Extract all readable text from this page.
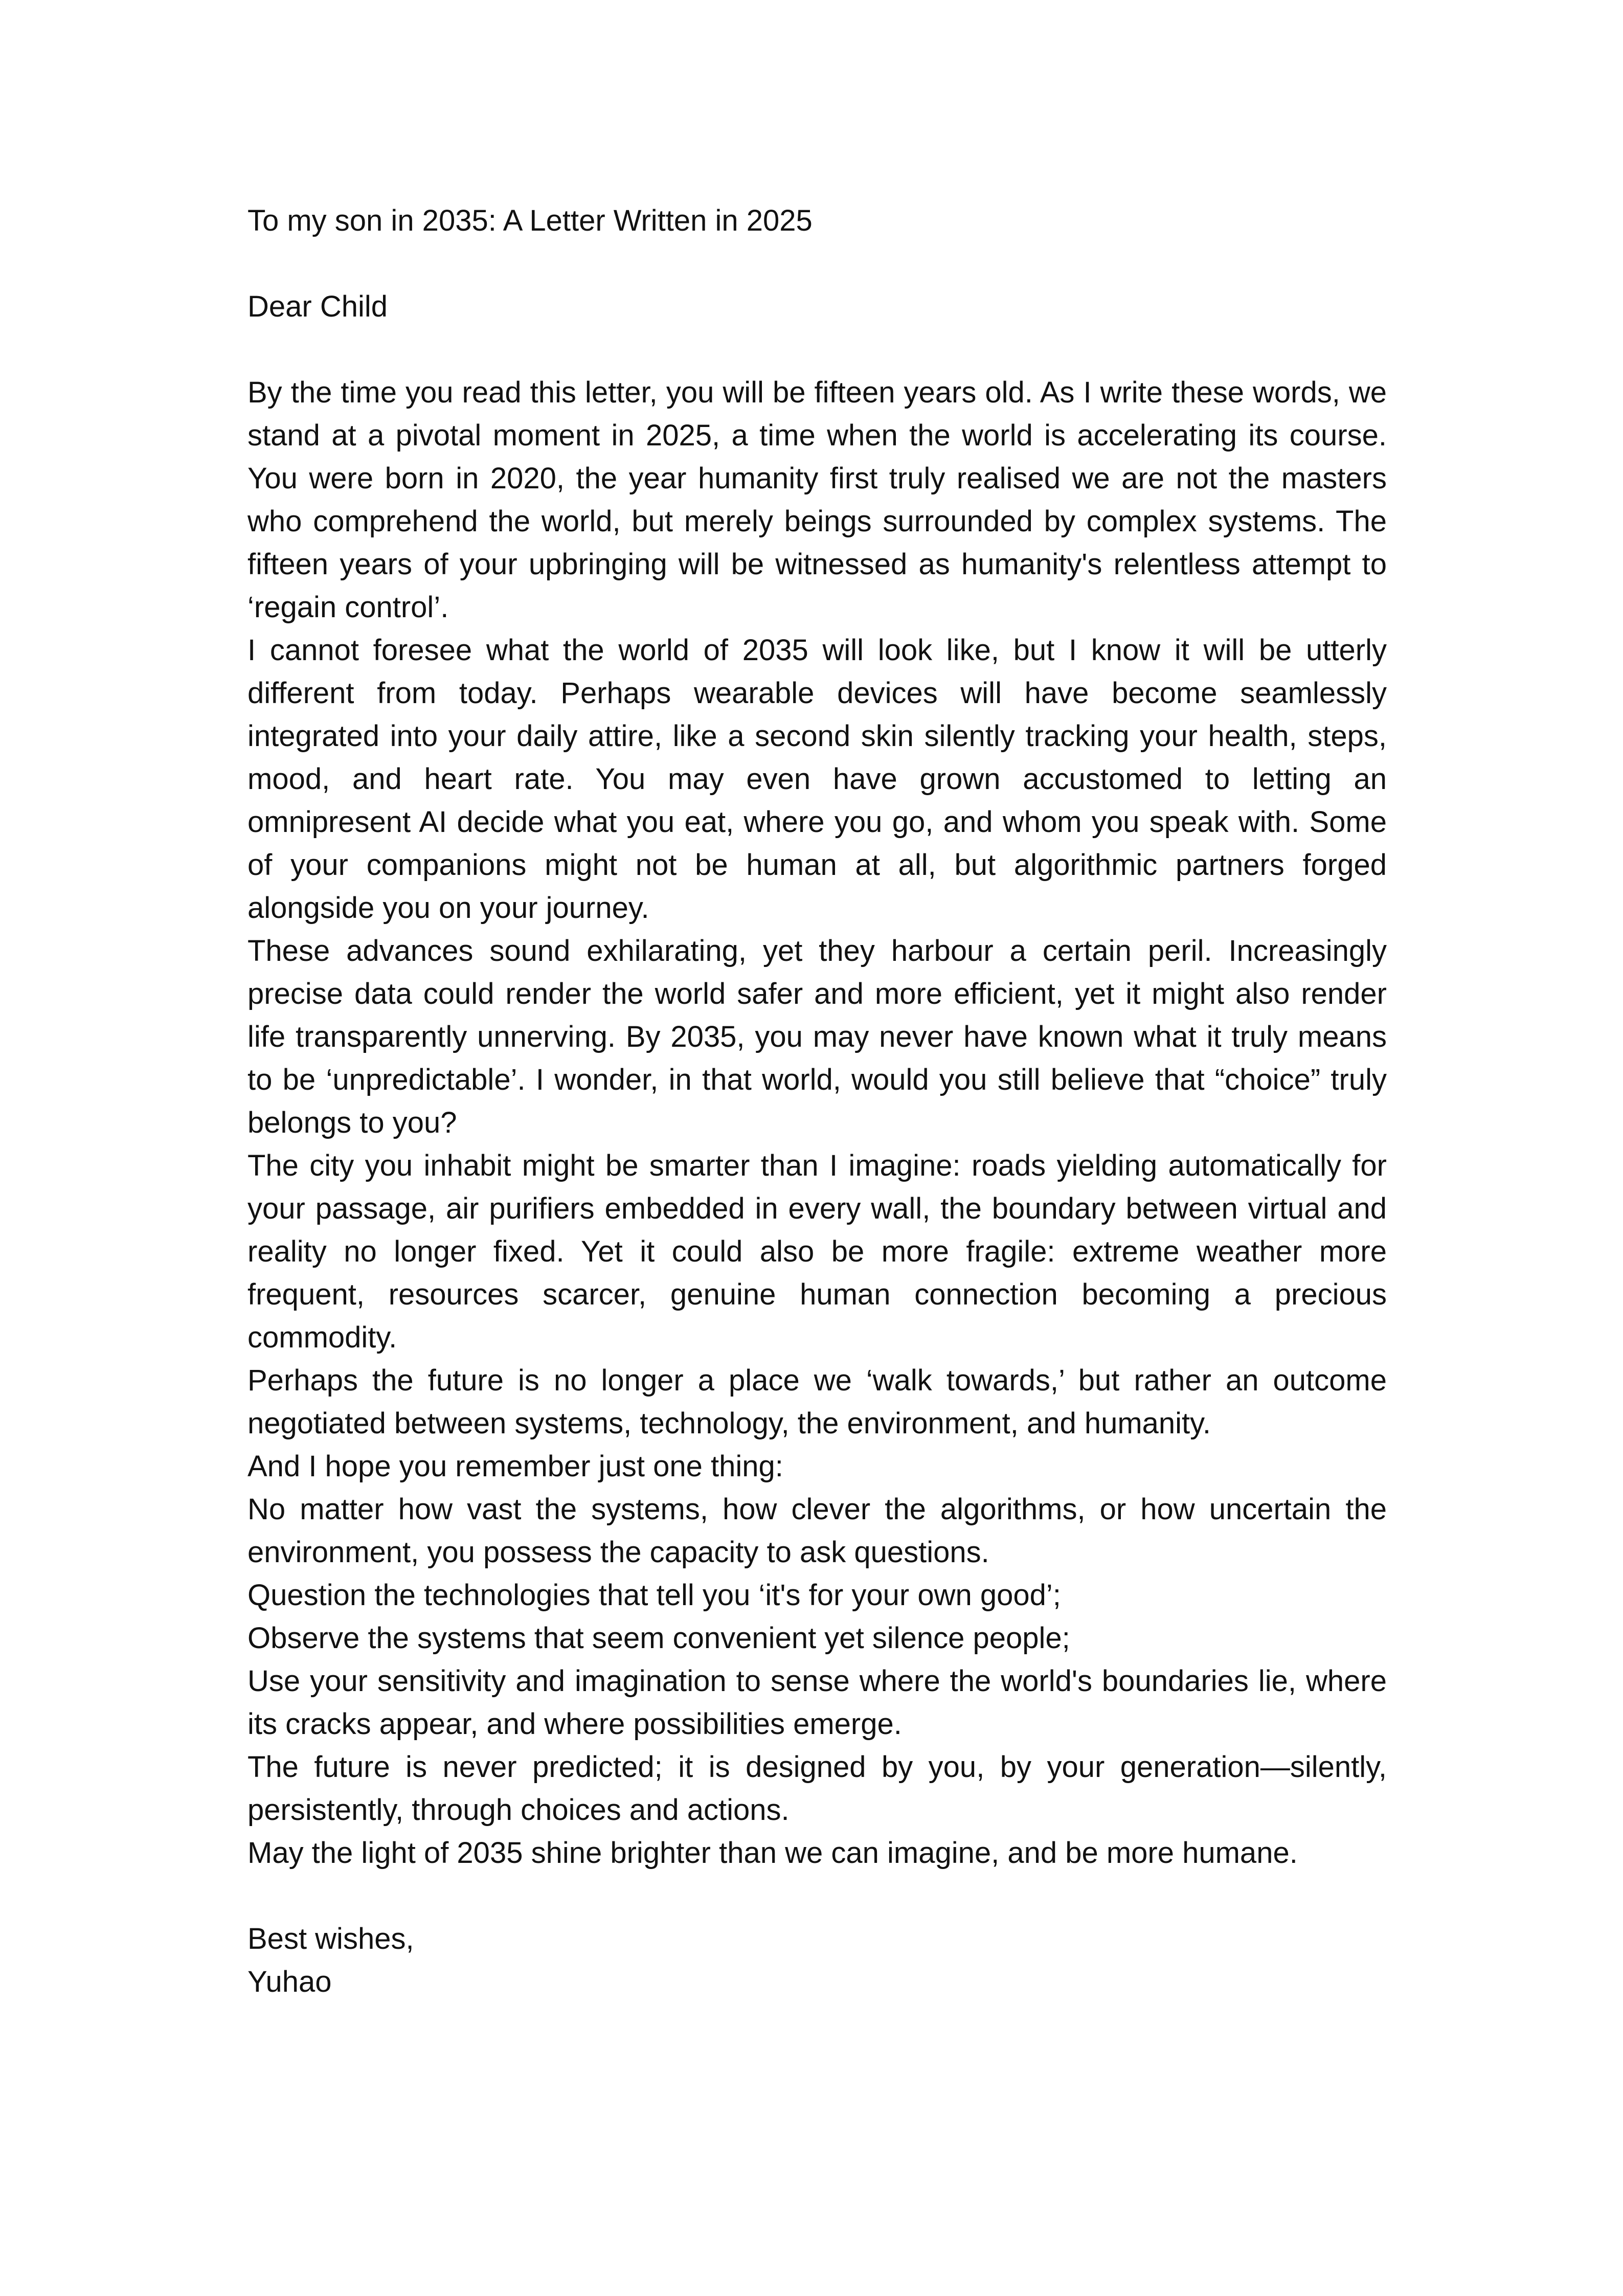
To my son in 2035: A Letter Written in 2025

Dear Child

By the time you read this letter, you will be fifteen years old. As I write these words, we stand at a pivotal moment in 2025, a time when the world is accelerating its course. You were born in 2020, the year humanity first truly realised we are not the masters who comprehend the world, but merely beings surrounded by complex systems. The fifteen years of your upbringing will be witnessed as humanity's relentless attempt to ‘regain control’.

I cannot foresee what the world of 2035 will look like, but I know it will be utterly different from today. Perhaps wearable devices will have become seamlessly integrated into your daily attire, like a second skin silently tracking your health, steps, mood, and heart rate. You may even have grown accustomed to letting an omnipresent AI decide what you eat, where you go, and whom you speak with. Some of your companions might not be human at all, but algorithmic partners forged alongside you on your journey.

These advances sound exhilarating, yet they harbour a certain peril. Increasingly precise data could render the world safer and more efficient, yet it might also render life transparently unnerving. By 2035, you may never have known what it truly means to be ‘unpredictable’. I wonder, in that world, would you still believe that “choice” truly belongs to you?

The city you inhabit might be smarter than I imagine: roads yielding automatically for your passage, air purifiers embedded in every wall, the boundary between virtual and reality no longer fixed. Yet it could also be more fragile: extreme weather more frequent, resources scarcer, genuine human connection becoming a precious commodity.

Perhaps the future is no longer a place we ‘walk towards,’ but rather an outcome negotiated between systems, technology, the environment, and humanity.

And I hope you remember just one thing:

No matter how vast the systems, how clever the algorithms, or how uncertain the environment, you possess the capacity to ask questions.

Question the technologies that tell you ‘it's for your own good’;

Observe the systems that seem convenient yet silence people;

Use your sensitivity and imagination to sense where the world's boundaries lie, where its cracks appear, and where possibilities emerge.

The future is never predicted; it is designed by you, by your generation—silently, persistently, through choices and actions.

May the light of 2035 shine brighter than we can imagine, and be more humane.

Best wishes,

Yuhao
